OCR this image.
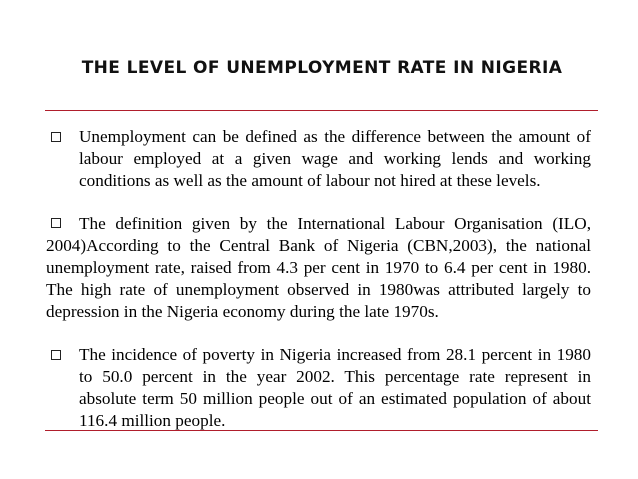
THE LEVEL OF UNEMPLOYMENT RATE IN NIGERIA
Unemployment can be defined as the difference between the amount of labour employed at a given wage and working lends and working conditions as well as the amount of labour not hired at these levels.
The definition given by the International Labour Organisation (ILO, 2004)According to the Central Bank of Nigeria (CBN,2003), the national unemployment rate, raised from 4.3 per cent in 1970 to 6.4 per cent in 1980. The high rate of unemployment observed in 1980was attributed largely to depression in the Nigeria economy during the late 1970s.
The incidence of poverty in Nigeria increased from 28.1 percent in 1980 to 50.0 percent in the year 2002. This percentage rate represent in absolute term 50 million people out of an estimated population of about 116.4 million people.
